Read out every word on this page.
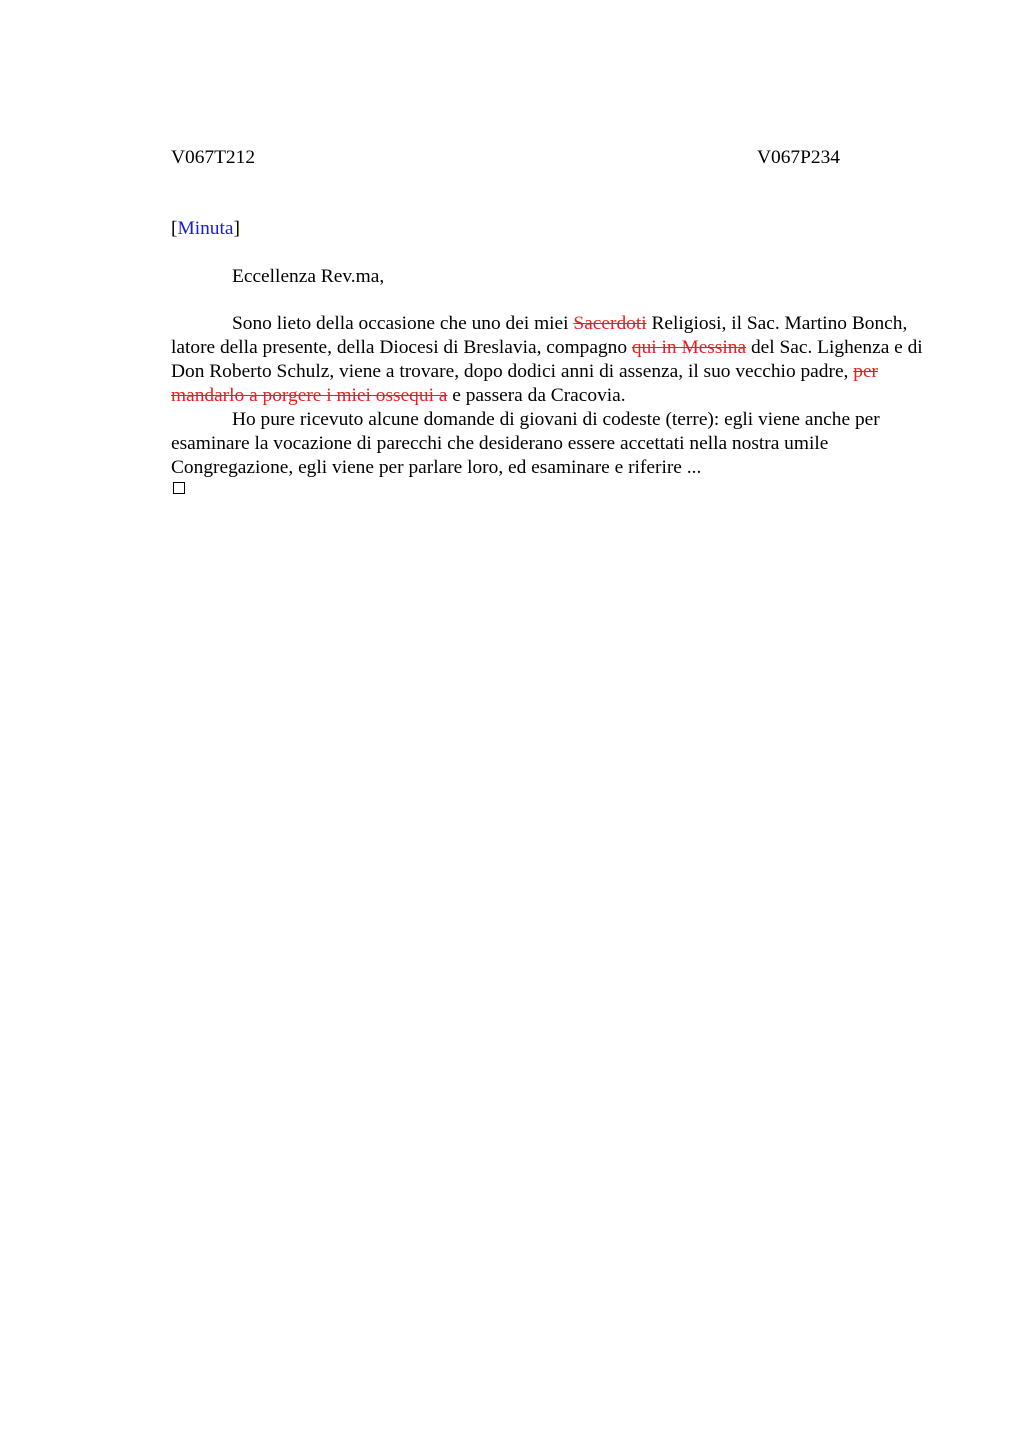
V067T212	V067P234
[Minuta]
Eccellenza Rev.ma,

Sono lieto della occasione che uno dei miei Sacerdoti Religiosi, il Sac. Martino Bonch, latore della presente, della Diocesi di Breslavia, compagno qui in Messina del Sac. Lighenza e di Don Roberto Schulz, viene a trovare, dopo dodici anni di assenza, il suo vecchio padre, per mandarlo a porgere i miei ossequi a e passera da Cracovia.

Ho pure ricevuto alcune domande di giovani di codeste (terre): egli viene anche per esaminare la vocazione di parecchi che desiderano essere accettati nella nostra umile Congregazione, egli viene per parlare loro, ed esaminare e riferire ...
